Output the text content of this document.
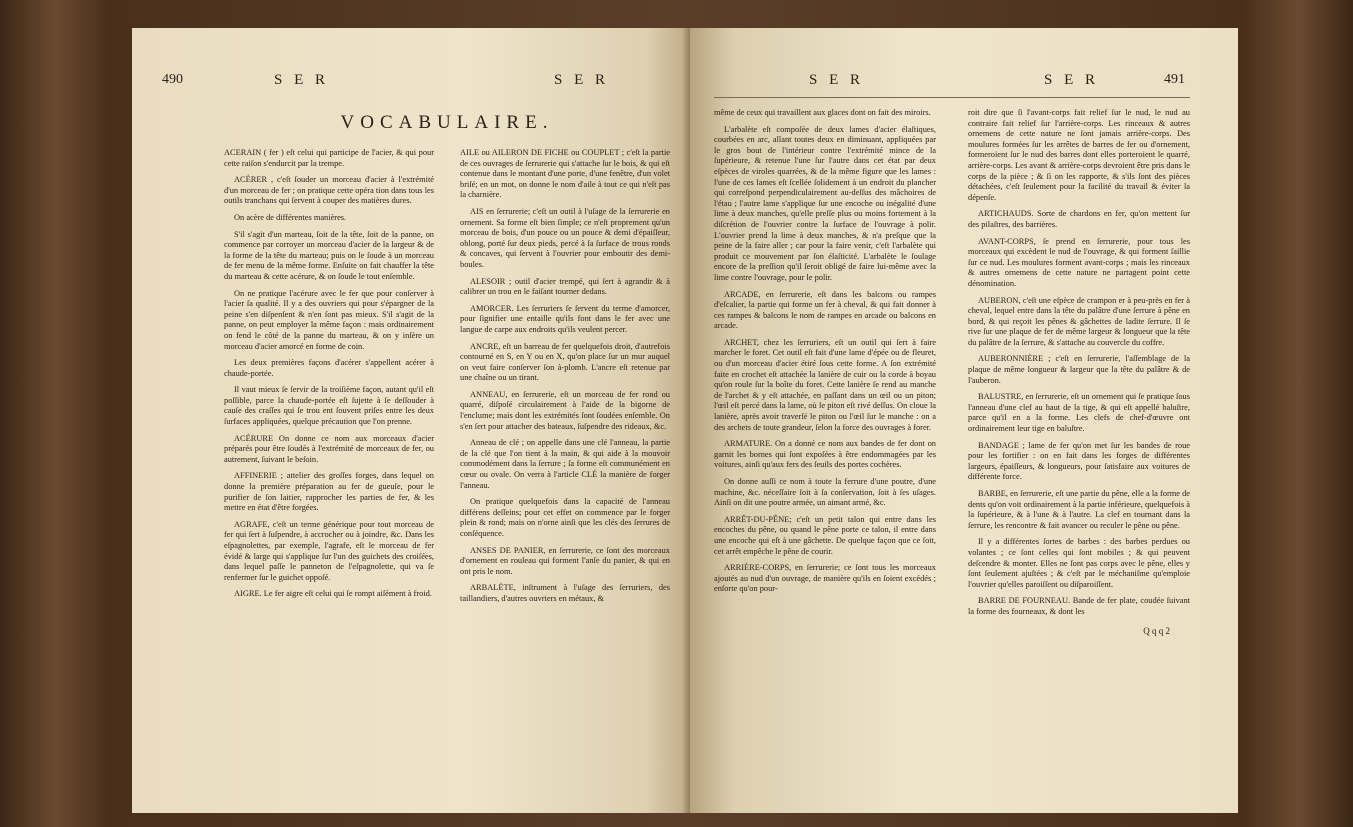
490	S E R	S E R
VOCABULAIRE.

ACERAIN ( fer ) eſt celui qui participe de l'acier, & qui pour cette raiſon s'endurcit par la trempe.

ACÉRER , c'eſt ſouder un morceau d'acier à l'extrémité d'un morceau de fer ; on pratique cette opéra tion dans tous les outils tranchans qui ſervent à couper des matières dures.

On acère de différentes manières.

S'il s'agit d'un marteau, ſoit de la tête, ſoit de la panne, on commence par corroyer un morceau d'acier de la largeur & de la forme de la tête du marteau; puis on le ſoude à un morceau de fer menu de la même forme. Enſuite on fait chauffer la tête du marteau & cette acérure, & on ſoude le tout enſemble.

On ne pratique l'acérure avec le fer que pour conſerver à l'acier ſa qualité. Il y a des ouvriers qui pour s'épargner de la peine s'en diſpenſent & n'en ſont pas mieux. S'il s'agit de la panne, on peut employer la même façon : mais ordinairement on fend le côté de la panne du marteau, & on y inſère un morceau d'acier amorcé en forme de coin.

Les deux premières façons d'acérer s'appellent acérer à chaude-portée.

Il vaut mieux ſe ſervir de la troiſième façon, autant qu'il eſt poſſible, parce la chaude-portée eſt ſujette à ſe deſſouder à cauſe des craſſes qui ſe trou ent ſouvent priſes entre les deux ſurfaces appliquées, quelque précaution que l'on prenne.

ACÉRURE On donne ce nom aux morceaux d'acier préparés pour être ſoudés à l'extrémité de morceaux de fer, ou autrement, ſuivant le beſoin.

AFFINERIE ; attelier des groſſes forges, dans lequel on donne la première préparation au fer de gueuſe, pour le purifier de ſon laitier, rapprocher les parties de fer, & les mettre en état d'être forgées.

AGRAFE, c'eſt un terme générique pour tout morceau de fer qui ſert à ſuſpendre, à accrocher ou à joindre, &c. Dans les eſpagnolettes, par exemple, l'agrafe, eſt le morceau de fer évidé & large qui s'applique ſur l'un des guichets des croiſées, dans lequel paſſe le panneton de l'eſpagnolette, qui va ſe renfermer ſur le guichet oppoſé.

AIGRE. Le fer aigre eſt celui qui ſe rompt aiſément à froid.

AILE ou AILERON DE FICHE ou COUPLET ; c'eſt la partie de ces ouvrages de ſerrurerie qui s'attache ſur le bois, & qui eſt contenue dans le montant d'une porte, d'une fenêtre, d'un volet briſé; en un mot, on donne le nom d'aile à tout ce qui n'eſt pas la charnière.

AIS en ſerrurerie; c'eſt un outil à l'uſage de la ſerrurerie en ornement. Sa forme eſt bien ſimple; ce n'eſt proprement qu'un morceau de bois, d'un pouce ou un pouce & demi d'épaiſſeur, oblong, porté ſur deux pieds, percé à ſa ſurface de trous ronds & concaves, qui ſervent à l'ouvrier pour emboutir des demi-boules.

ALESOIR ; outil d'acier trempé, qui ſert à agrandir & à calibrer un trou en le faiſant tourner dedans.

AMORCER. Les ſerruriers ſe ſervent du terme d'amorcer, pour ſignifier une entaille qu'ils font dans le fer avec une langue de carpe aux endroits qu'ils veulent percer.

ANCRE, eſt un barreau de fer quelquefois droit, d'autrefois contourné en S, en Y ou en X, qu'on place ſur un mur auquel on veut faire conſerver ſon à-plomb. L'ancre eſt retenue par une chaîne ou un tirant.

ANNEAU, en ſerrurerie, eſt un morceau de fer rond ou quarré, diſpoſé circulairement à l'aide de la bigorne de l'enclume; mais dont les extrémités ſont ſoudées enſemble. On s'en ſert pour attacher des bateaux, ſuſpendre des rideaux, &c.

Anneau de clé ; on appelle dans une clé l'anneau, la partie de la clé que l'on tient à la main, & qui aide à la mouvoir commodément dans la ſerrure ; ſa forme eſt communément en cœur ou ovale. On verra à l'article CLÉ la manière de forger l'anneau.

On pratique quelquefois dans la capacité de l'anneau différens deſſeins; pour cet effet on commence par le forger plein & rond; mais on n'orne ainſi que les clés des ſerrures de conſéquence.

ANSES DE PANIER, en ſerrurerie, ce ſont des morceaux d'ornement en rouleau qui forment l'anſe du panier, & qui en ont pris le nom.

ARBALÈTE, inſtrument à l'uſage des ſerruriers, des taillandiers, d'autres ouvriers en métaux, &

S E R	S E R	491

même de ceux qui travaillent aux glaces dont on fait des miroirs.

L'arbalète eſt compoſée de deux lames d'acier élaſtiques, courbées en arc, allant toutes deux en diminuant, appliquées par le gros bout de l'intérieur contre l'extrémité mince de la ſupérieure, & retenue l'une ſur l'autre dans cet état par deux eſpèces de viroles quarrées, & de la même figure que les lames : l'une de ces lames eſt ſcellée ſolidement à un endroit du plancher qui correſpond perpendiculairement au-deſſus des mâchoires de l'étau ; l'autre lame s'applique ſur une encoche ou inégalité d'une lime à deux manches, qu'elle preſſe plus ou moins fortement à la diſcrétion de l'ouvrier contre la ſurface de l'ouvrage à polir. L'ouvrier prend la lime à deux manches, & n'a preſque que la peine de la faire aller ; car pour la faire venir, c'eſt l'arbalète qui produit ce mouvement par ſon élaſticité. L'arbalète le ſoulage encore de la preſſion qu'il ſeroit obligé de faire lui-même avec la lime contre l'ouvrage, pour le polir.

ARCADE, en ſerrurerie, eſt dans les balcons ou rampes d'eſcalier, la partie qui forme un fer à cheval, & qui fait donner à ces rampes & balcons le nom de rampes en arcade ou balcons en arcade.

ARCHET, chez les ſerruriers, eſt un outil qui ſert à faire marcher le foret. Cet outil eſt fait d'une lame d'épée ou de fleuret, ou d'un morceau d'acier étiré ſous cette forme. A ſon extrémité faite en crochet eſt attachée la lanière de cuir ou la corde à boyau qu'on roule ſur la boîte du foret. Cette lanière ſe rend au manche de l'archet & y eſt attachée, en paſſant dans un œil ou un piton; l'œil eſt percé dans la lame, où le piton eſt rivé deſſus. On cloue la lanière, après avoir traverſé le piton ou l'œil ſur le manche : on a des archets de toute grandeur, ſelon la force des ouvrages à forer.

ARMATURE. On a donné ce nom aux bandes de fer dont on garnit les bornes qui ſont expoſées à être endommagées par les voitures, ainſi qu'aux fers des ſeuils des portes cochères.

On donne auſſi ce nom à toute la ferrure d'une poutre, d'une machine, &c. néceſſaire ſoit à ſa conſervation, ſoit à ſes uſages. Ainſi on dit une poutre armée, un aimant armé, &c.

ARRÊT-DU-PÊNE; c'eſt un petit talon qui entre dans les encoches du pêne, ou quand le pêne porte ce talon, il entre dans une encoche qui eſt à une gâchette. De quelque façon que ce ſoit, cet arrêt empêche le pêne de courir.

ARRIÈRE-CORPS, en ſerrurerie; ce ſont tous les morceaux ajoutés au nud d'un ouvrage, de manière qu'ils en ſoient excédés ; enſorte qu'on pour-

roit dire que ſi l'avant-corps fait relief ſur le nud, le nud au contraire fait relief ſur l'arrière-corps. Les rinceaux & autres ornemens de cette nature ne ſont jamais arrière-corps. Des moulures formées ſur les arrêtes de barres de fer ou d'ornement, formeroient ſur le nud des barres dont elles porteroient le quarré, arrière-corps. Les avant & arrière-corps devroient être pris dans le corps de la pièce ; & ſi on les rapporte, & s'ils ſont des pièces détachées, c'eſt ſeulement pour la facilité du travail & éviter la dépenſe.

ARTICHAUDS. Sorte de chardons en fer, qu'on mettent ſur des pilaſtres, des barrières.

AVANT-CORPS, ſe prend en ſerrurerie, pour tous les morceaux qui excèdent le nud de l'ouvrage, & qui forment ſaillie ſur ce nud. Les moulures forment avant-corps ; mais les rinceaux & autres ornemens de cette nature ne partagent point cette dénomination.

AUBERON, c'eſt une eſpèce de crampon er à peu-près en fer à cheval, lequel entre dans la tête du palâtre d'une ſerrure à pêne en bord, & qui reçoit les pênes & gâchettes de ladite ſerrure. Il ſe rive ſur une plaque de fer de même largeur & longueur que la tête du palâtre de la ſerrure, & s'attache au couvercle du coffre.

AUBERONNIÈRE ; c'eſt en ſerrurerie, l'aſſemblage de la plaque de même longueur & largeur que la tête du palâtre & de l'auberon.

BALUSTRE, en ſerrurerie, eſt un ornement qui ſe pratique ſous l'anneau d'une clef au haut de la tige, & qui eſt appellé baluſtre, parce qu'il en a la forme. Les clefs de chef-d'œuvre ont ordinairement leur tige en baluſtre.

BANDAGE ; lame de fer qu'on met ſur les bandes de roue pour les fortifier : on en fait dans les forges de différentes largeurs, épaiſſeurs, & longueurs, pour ſatisfaire aux voitures de différente force.

BARBE, en ſerrurerie, eſt une partie du pêne, elle a la forme de dents qu'on voit ordinairement à la partie inférieure, quelquefois à la ſupérieure, & à l'une & à l'autre. La clef en tournant dans la ſerrure, les rencontre & fait avancer ou reculer le pêne ou pêne.

Il y a différentes ſortes de barbes : des barbes perdues ou volantes ; ce ſont celles qui ſont mobiles ; & qui peuvent deſcendre & monter. Elles ne ſont pas corps avec le pêne, elles y ſont ſeulement ajuſtées ; & c'eſt par le méchaniſme qu'emploie l'ouvrier qu'elles paroiſſent ou diſparoiſſent.

BARRE DE FOURNEAU. Bande de fer plate, coudée ſuivant la forme des fourneaux, & dont les

Q q q 2
